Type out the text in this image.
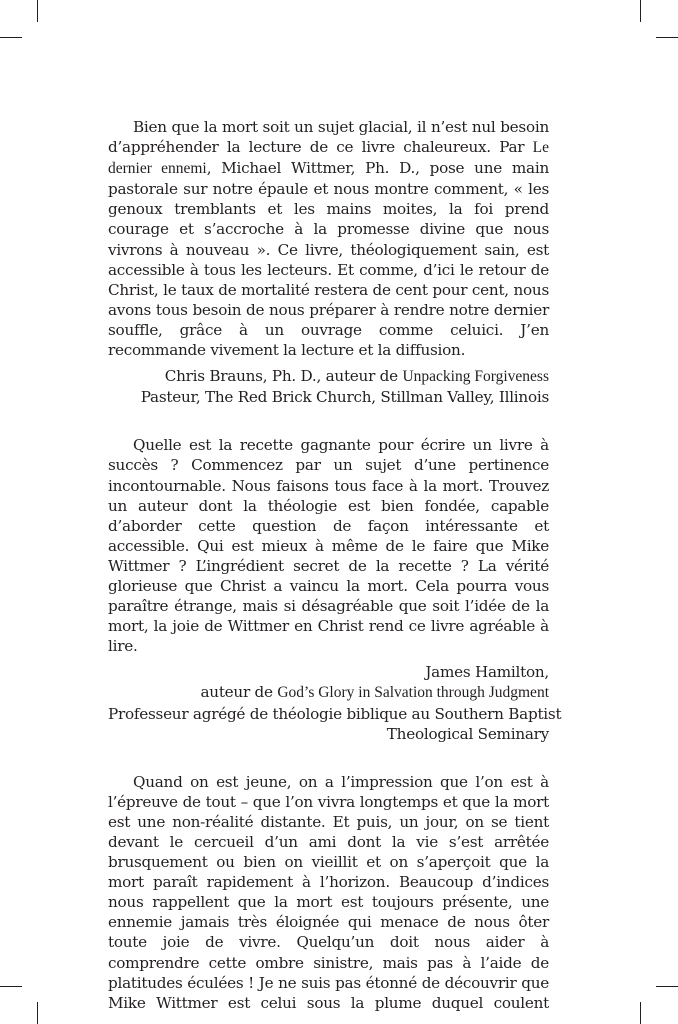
Bien que la mort soit un sujet glacial, il n’est nul besoin d’appréhender la lecture de ce livre chaleureux. Par Le dernier ennemi, Michael Wittmer, Ph. D., pose une main pastorale sur notre épaule et nous montre comment, « les genoux tremblants et les mains moites, la foi prend courage et s’accroche à la promesse divine que nous vivrons à nouveau ». Ce livre, théologiquement sain, est accessible à tous les lecteurs. Et comme, d’ici le retour de Christ, le taux de mortalité restera de cent pour cent, nous avons tous besoin de nous préparer à rendre notre dernier souffle, grâce à un ouvrage comme celuici. J’en recommande vivement la lecture et la diffusion.

Chris Brauns, Ph. D., auteur de Unpacking Forgiveness
Pasteur, The Red Brick Church, Stillman Valley, Illinois

Quelle est la recette gagnante pour écrire un livre à succès ? Commencez par un sujet d’une pertinence incontournable. Nous faisons tous face à la mort. Trouvez un auteur dont la théologie est bien fondée, capable d’aborder cette question de façon intéressante et accessible. Qui est mieux à même de le faire que Mike Wittmer ? L’ingrédient secret de la recette ? La vérité glorieuse que Christ a vaincu la mort. Cela pourra vous paraître étrange, mais si désagréable que soit l’idée de la mort, la joie de Wittmer en Christ rend ce livre agréable à lire.

James Hamilton,
auteur de God’s Glory in Salvation through Judgment
Professeur agrégé de théologie biblique au Southern Baptist
Theological Seminary

Quand on est jeune, on a l’impression que l’on est à l’épreuve de tout – que l’on vivra longtemps et que la mort est une non-réalité distante. Et puis, un jour, on se tient devant le cercueil d’un ami dont la vie s’est arrêtée brusquement ou bien on vieillit et on s’aperçoit que la mort paraît rapidement à l’horizon. Beaucoup d’indices nous rappellent que la mort est toujours présente, une ennemie jamais très éloignée qui menace de nous ôter toute joie de vivre. Quelqu’un doit nous aider à comprendre cette ombre sinistre, mais pas à l’aide de platitudes éculées ! Je ne suis pas étonné de découvrir que Mike Wittmer est celui sous la plume duquel coulent
